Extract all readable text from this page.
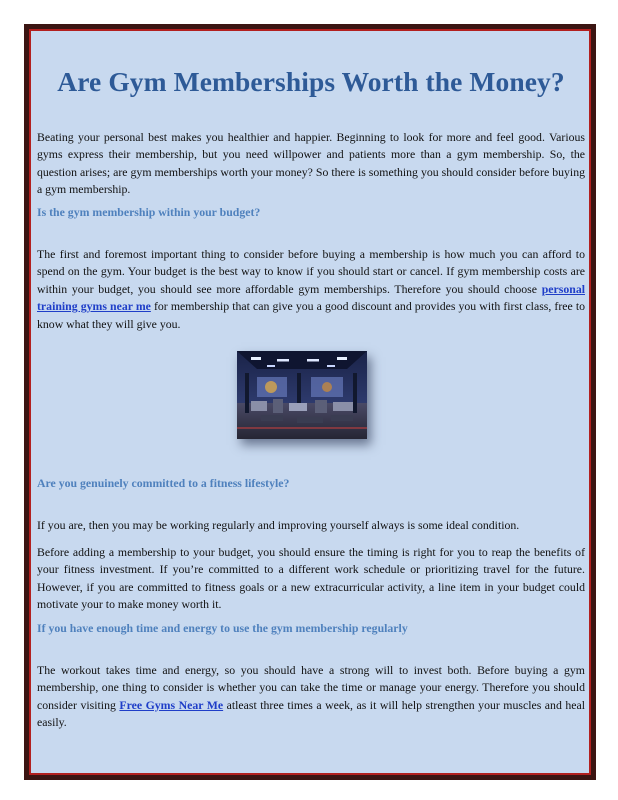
Are Gym Memberships Worth the Money?

Beating your personal best makes you healthier and happier. Beginning to look for more and feel good. Various gyms express their membership, but you need willpower and patients more than a gym membership. So, the question arises; are gym memberships worth your money? So there is something you should consider before buying a gym membership.

Is the gym membership within your budget?

The first and foremost important thing to consider before buying a membership is how much you can afford to spend on the gym. Your budget is the best way to know if you should start or cancel. If gym membership costs are within your budget, you should see more affordable gym memberships. Therefore you should choose personal training gyms near me for membership that can give you a good discount and provides you with first class, free to know what they will give you.

Are you genuinely committed to a fitness lifestyle?

If you are, then you may be working regularly and improving yourself always is some ideal condition.

Before adding a membership to your budget, you should ensure the timing is right for you to reap the benefits of your fitness investment. If you’re committed to a different work schedule or prioritizing travel for the future. However, if you are committed to fitness goals or a new extracurricular activity, a line item in your budget could motivate your to make money worth it.

If you have enough time and energy to use the gym membership regularly

The workout takes time and energy, so you should have a strong will to invest both. Before buying a gym membership, one thing to consider is whether you can take the time or manage your energy. Therefore you should consider visiting Free Gyms Near Me atleast three times a week, as it will help strengthen your muscles and heal easily.
